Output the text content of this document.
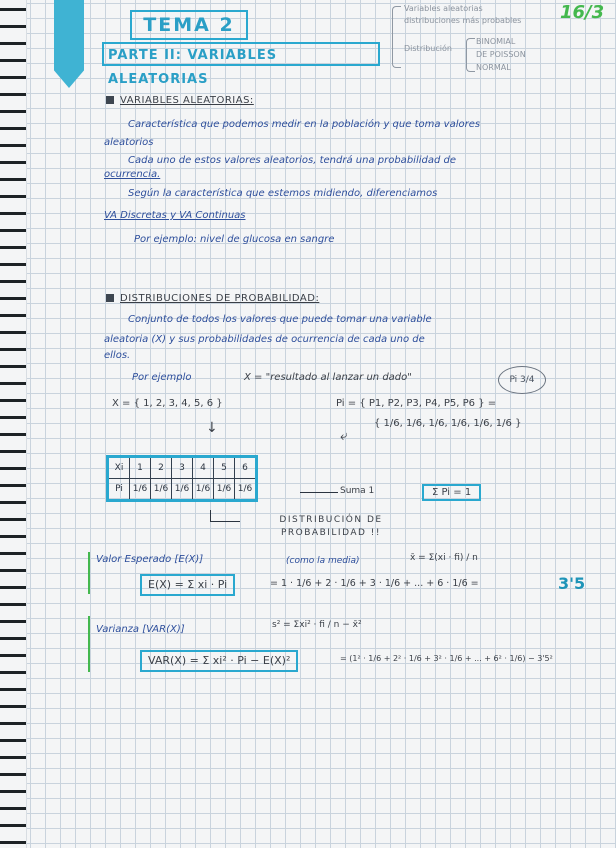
TEMA 2
PARTE II: VARIABLES ALEATORIAS
Variables aleatorias
distribuciones más probables
Distribución
BINOMIAL
DE POISSON
NORMAL
16/3
VARIABLES ALEATORIAS:
Característica que podemos medir en la población y que toma valores
aleatorios
Cada uno de estos valores aleatorios, tendrá una probabilidad de
ocurrencia.
Según la característica que estemos midiendo, diferenciamos
VA Discretas y VA Continuas
Por ejemplo: nivel de glucosa en sangre
DISTRIBUCIONES DE PROBABILIDAD:
Conjunto de todos los valores que puede tomar una variable
aleatoria (X) y sus probabilidades de ocurrencia de cada uno de
ellos.
Por ejemplo	X = "resultado al lanzar un dado"	Pi 3/4
X = { 1, 2, 3, 4, 5, 6 }	Pi = { P1, P2, P3, P4, P5, P6 } =
{ 1/6, 1/6, 1/6, 1/6, 1/6, 1/6 }
↓	⤶
Xi	1	2	3	4	5	6
Pi	1/6	1/6	1/6	1/6	1/6	1/6	Suma 1	Σ Pi = 1
DISTRIBUCIÓN DE PROBABILIDAD !!
Valor Esperado [E(X)]	(como la media)	x̄ = Σ(xi · fi) / n
E(X) = Σ xi · Pi	= 1 · 1/6 + 2 · 1/6 + 3 · 1/6 + ... + 6 · 1/6 =	3'5
Varianza [VAR(X)]	s² = Σxi² · fi / n − x̄²
VAR(X) = Σ xi² · Pi − E(X)²	= (1² · 1/6 + 2² · 1/6 + 3² · 1/6 + ... + 6² · 1/6) − 3'5²
